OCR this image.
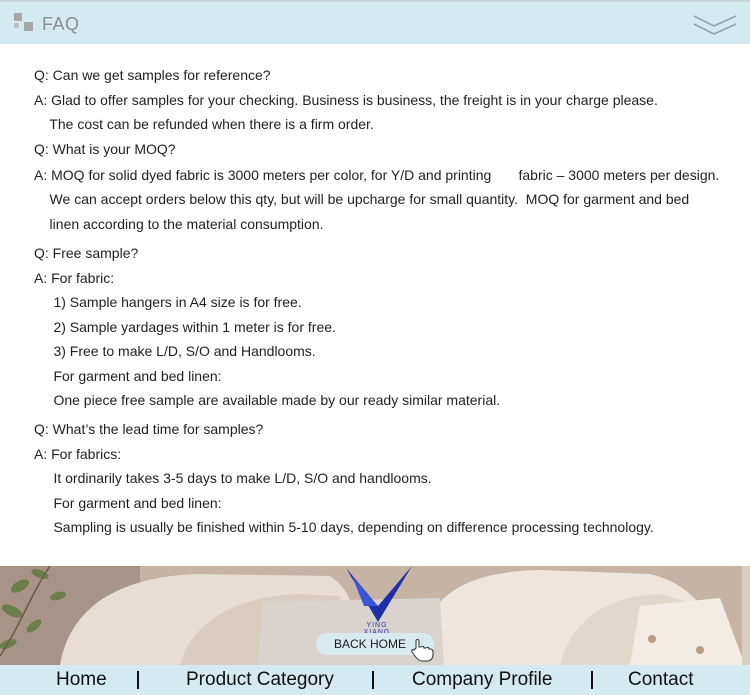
FAQ
Q: Can we get samples for reference?
A: Glad to offer samples for your checking. Business is business, the freight is in your charge please.
The cost can be refunded when there is a firm order.
Q: What is your MOQ?
A: MOQ for solid dyed fabric is 3000 meters per color, for Y/D and printing       fabric – 3000 meters per design.
We can accept orders below this qty, but will be upcharge for small quantity.  MOQ for garment and bed
linen according to the material consumption.
Q: Free sample?
A: For fabric:
1) Sample hangers in A4 size is for free.
2) Sample yardages within 1 meter is for free.
3) Free to make L/D, S/O and Handlooms.
For garment and bed linen:
One piece free sample are available made by our ready similar material.
Q: What’s the lead time for samples?
A: For fabrics:
It ordinarily takes 3-5 days to make L/D, S/O and handlooms.
For garment and bed linen:
Sampling is usually be finished within 5-10 days, depending on difference processing technology.
YING
BACK HOME
Home	Product Category	Company Profile	Contact
